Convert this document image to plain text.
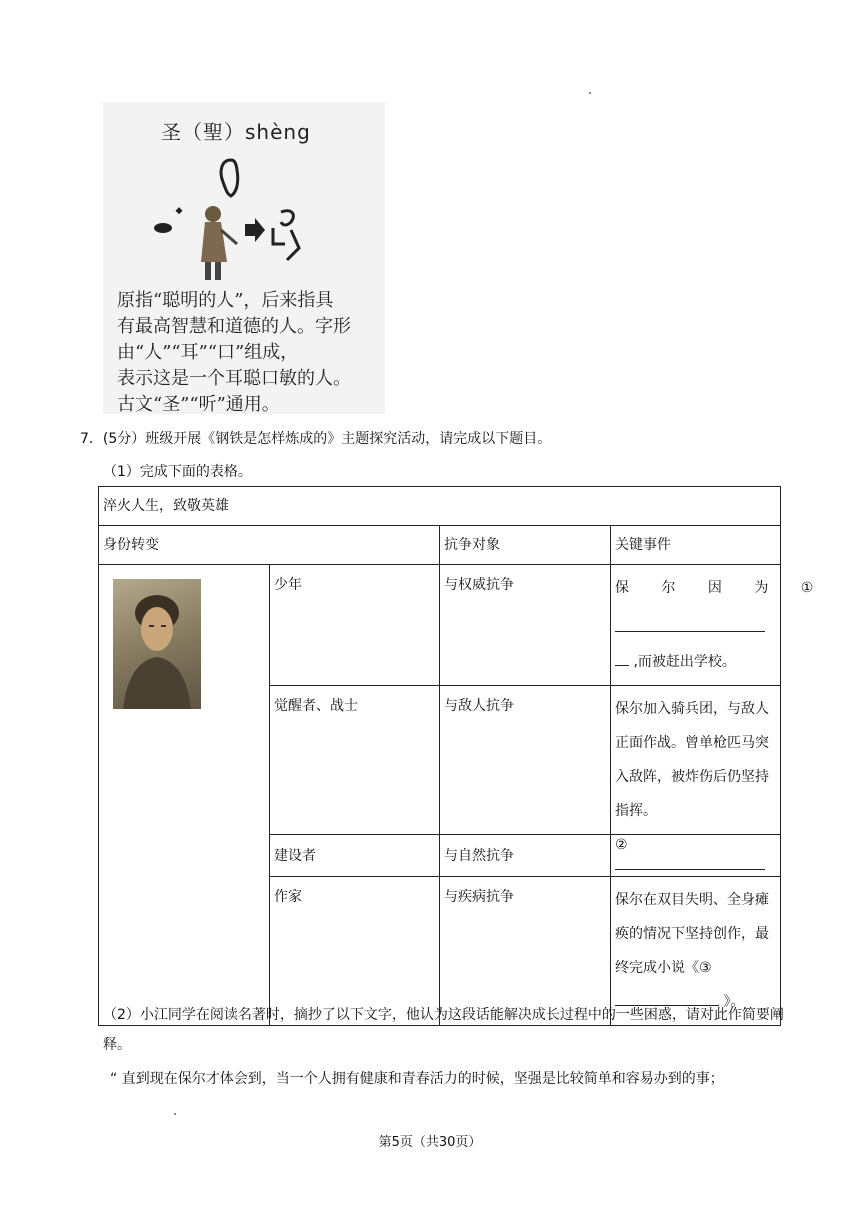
圣（聖）shèng
原指“聪明的人”，后来指具
有最高智慧和道德的人。字形
由“人”“耳”“口”组成，
表示这是一个耳聪口敏的人。
古文“圣”“听”通用。
7．(5分）班级开展《钢铁是怎样炼成的》主题探究活动，请完成以下题目。
（1）完成下面的表格。
淬火人生，致敬英雄			
身份转变		抗争对象	关键事件

	少年	与权威抗争	保 尔 因 为 ①
,而被赶出学校。

	觉醒者、战士	与敌人抗争	保尔加入骑兵团，与敌人正面作战。曾单枪匹马突入敌阵，被炸伤后仍坚持指挥。
	建设者	与自然抗争	②
	作家	与疾病抗争	保尔在双目失明、全身瘫痪的情况下坚持创作，最终完成小说《③
》。
（2）小江同学在阅读名著时，摘抄了以下文字，他认为这段话能解决成长过程中的一些困惑，请对此作简要阐释。
“ 直到现在保尔才体会到，当一个人拥有健康和青春活力的时候，坚强是比较简单和容易办到的事；
第5页（共30页）
